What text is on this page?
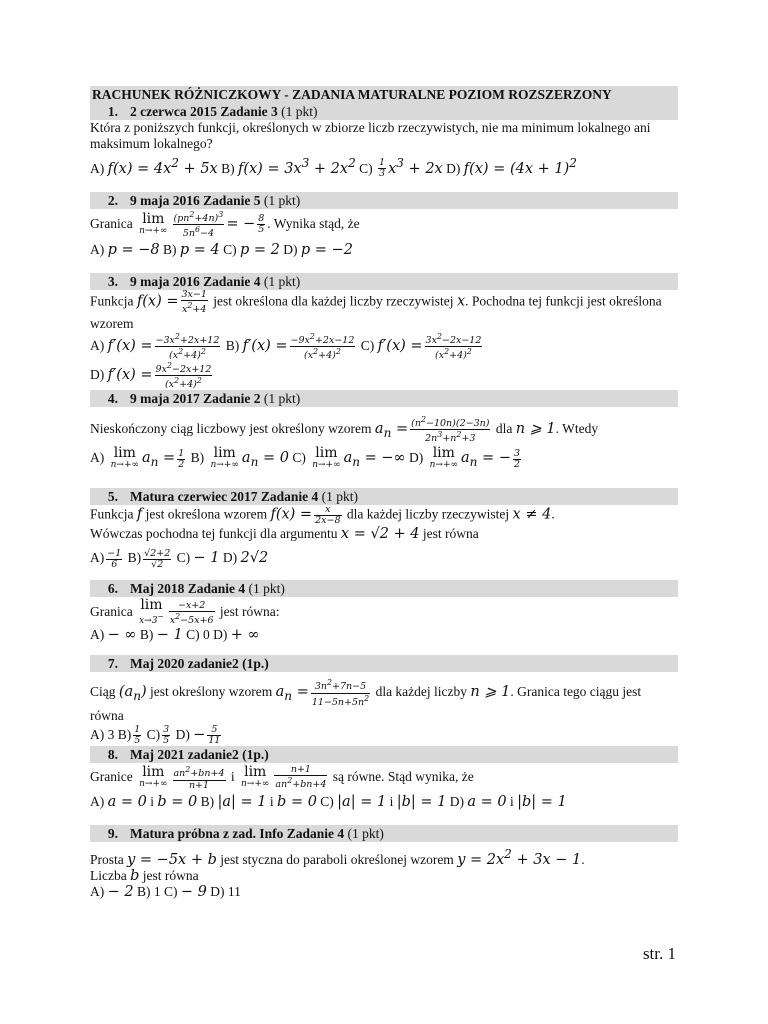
RACHUNEK RÓŻNICZKOWY - ZADANIA MATURALNE POZIOM ROZSZERZONY
1. 2 czerwca 2015 Zadanie 3 (1 pkt)
Która z poniższych funkcji, określonych w zbiorze liczb rzeczywistych, nie ma minimum lokalnego ani maksimum lokalnego?
A) $f(x) = 4x^2 + 5x$ B) $f(x) = 3x^3 + 2x^2$ $C) \frac{1}{3} x^3 + 2x$ D) $f(x) = (4x + 1)^2$
2. 9 maja 2016 Zadanie 5 (1 pkt)
Granica lim
$n\to+\infty \frac{(pn^2+4n)^3}{5n^6-4}$ = − $\frac{8}{5}$ . Wynika stąd, że
A) p = −8 B) p = 4 C) p = 2 D) p = −2
3. 9 maja 2016 Zadanie 4 (1 pkt)
Funkcja $f(x) = \frac{3x-1}{x^2+4}$ jest określona dla każdej liczby rzeczywistej x. Pochodna tej funkcji jest określona wzorem
A) $f'(x) = \frac{-3x^2+2x+12}{(x^2+4)^2} B$) $f'(x) = \frac{-9x^2+2x-12}{(x^2+4)^2} C$) $f'(x) = \frac{3x^2-2x-12}{(x^2+4)^2}$
D) $f'(x) = \frac{9x^2-2x+12}{(x^2+4)^2}$
4. 9 maja 2017 Zadanie 2 (1 pkt)
Nieskończony ciąg liczbowy jest określony wzorem $a_n = \frac{(n^2-10n)(2-3n)}{2n^3+n^2+3}$ dla n ⩾ 1. Wtedy
A) lim
n→+∞ $a_n = \frac{1}{2} B$) lim
n→+∞ $a_n = 0$ C) lim
n→+∞ $a_n$ = −∞ D) lim
n→+∞ $a_n$ = − $\frac{3}{2}$
5. Matura czerwiec 2017 Zadanie 4 (1 pkt)
Funkcja f jest określona wzorem $f(x) = \frac{x}{2x-8}$ dla każdej liczby rzeczywistej x ≠ 4.
Wówczas pochodna tej funkcji dla argumentu x = √2 + 4 jest równa
$A) \frac{-1}{6} B) \frac{√2+2}{√2} C) - 1$ D) 2√2
6. Maj 2018 Zadanie 4 (1 pkt)
Granica lim
$x\to 3^- \frac{-x+2}{x^2-5x+6}$ jest równa:
A) − ∞ B) − 1 C) 0 D) + ∞
7. Maj 2020 zadanie2 (1p.)
Ciąg $(a_n)$ jest określony wzorem $a_n = \frac{3n^2+7n-5}{11-5n+5n^2}$ dla każdej liczby n ⩾ 1. Granica tego ciągu jest równa
A) 3 $B) \frac{1}{5} C) \frac{3}{5} D) - \frac{5}{11}$
8. Maj 2021 zadanie2 (1p.)
Granice lim
$n\to+\infty \frac{an^2+bn+4}{n+1}$ i lim
$n\to+\infty \frac{n+1}{an^2+bn+4}$ są równe. Stąd wynika, że
A) a = 0 i b = 0 B) |a| = 1 i b = 0 C) |a| = 1 i |b| = 1 D) a = 0 i |b| = 1
9. Matura próbna z zad. Info Zadanie 4 (1 pkt)
Prosta y = −5x + b jest styczna do paraboli określonej wzorem $y = 2x^2 + 3x - 1$.
Liczba b jest równa
A) − 2 B) 1 C) − 9 D) 11
str. 1
